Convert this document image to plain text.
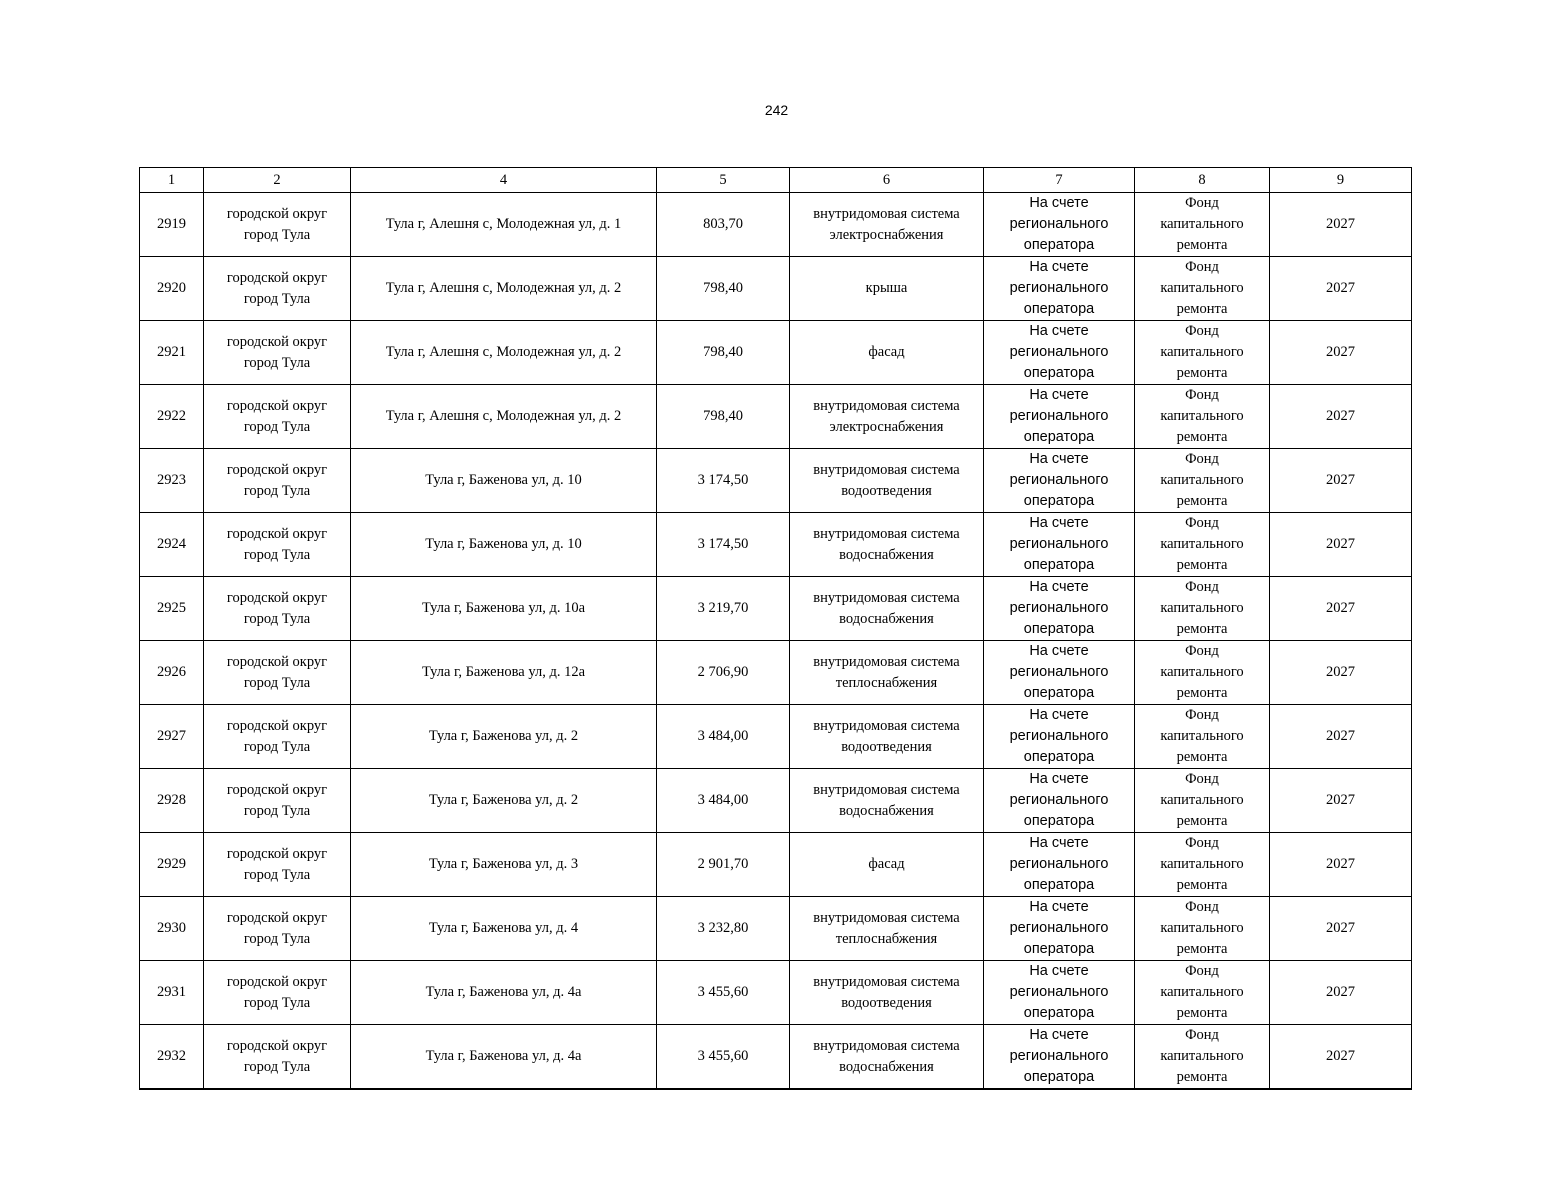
242
1	2	4	5	6	7	8	9
2919	городской округ
город Тула	Тула г, Алешня с, Молодежная ул, д. 1	803,70	внутридомовая система
электроснабжения	На счете
регионального
оператора	Фонд
капитального
ремонта	2027
2920	городской округ
город Тула	Тула г, Алешня с, Молодежная ул, д. 2	798,40	крыша	На счете
регионального
оператора	Фонд
капитального
ремонта	2027
2921	городской округ
город Тула	Тула г, Алешня с, Молодежная ул, д. 2	798,40	фасад	На счете
регионального
оператора	Фонд
капитального
ремонта	2027
2922	городской округ
город Тула	Тула г, Алешня с, Молодежная ул, д. 2	798,40	внутридомовая система
электроснабжения	На счете
регионального
оператора	Фонд
капитального
ремонта	2027
2923	городской округ
город Тула	Тула г, Баженова ул, д. 10	3 174,50	внутридомовая система
водоотведения	На счете
регионального
оператора	Фонд
капитального
ремонта	2027
2924	городской округ
город Тула	Тула г, Баженова ул, д. 10	3 174,50	внутридомовая система
водоснабжения	На счете
регионального
оператора	Фонд
капитального
ремонта	2027
2925	городской округ
город Тула	Тула г, Баженова ул, д. 10а	3 219,70	внутридомовая система
водоснабжения	На счете
регионального
оператора	Фонд
капитального
ремонта	2027
2926	городской округ
город Тула	Тула г, Баженова ул, д. 12а	2 706,90	внутридомовая система
теплоснабжения	На счете
регионального
оператора	Фонд
капитального
ремонта	2027
2927	городской округ
город Тула	Тула г, Баженова ул, д. 2	3 484,00	внутридомовая система
водоотведения	На счете
регионального
оператора	Фонд
капитального
ремонта	2027
2928	городской округ
город Тула	Тула г, Баженова ул, д. 2	3 484,00	внутридомовая система
водоснабжения	На счете
регионального
оператора	Фонд
капитального
ремонта	2027
2929	городской округ
город Тула	Тула г, Баженова ул, д. 3	2 901,70	фасад	На счете
регионального
оператора	Фонд
капитального
ремонта	2027
2930	городской округ
город Тула	Тула г, Баженова ул, д. 4	3 232,80	внутридомовая система
теплоснабжения	На счете
регионального
оператора	Фонд
капитального
ремонта	2027
2931	городской округ
город Тула	Тула г, Баженова ул, д. 4а	3 455,60	внутридомовая система
водоотведения	На счете
регионального
оператора	Фонд
капитального
ремонта	2027
2932	городской округ
город Тула	Тула г, Баженова ул, д. 4а	3 455,60	внутридомовая система
водоснабжения	На счете
регионального
оператора	Фонд
капитального
ремонта	2027
